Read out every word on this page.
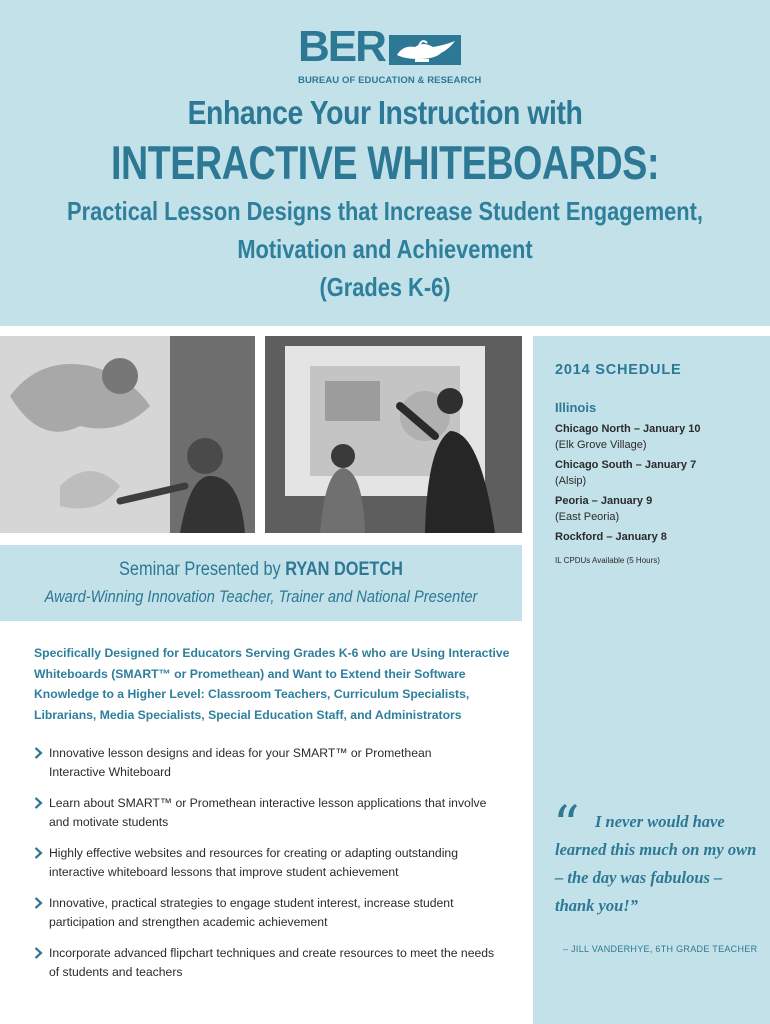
BER
BUREAU OF EDUCATION & RESEARCH
Enhance Your Instruction with
INTERACTIVE WHITEBOARDS:
Practical Lesson Designs that Increase Student Engagement,
Motivation and Achievement
(Grades K-6)
2014 SCHEDULE
Illinois
Chicago North – January 10
(Elk Grove Village)
Chicago South – January 7
(Alsip)
Peoria – January 9
(East Peoria)
Rockford – January 8
IL CPDUs Available (5 Hours)
“ I never would have learned this much on my own – the day was fabulous – thank you!”
– JILL VANDERHYE, 6TH GRADE TEACHER
Seminar Presented by RYAN DOETCH
Award-Winning Innovation Teacher, Trainer and National Presenter
Specifically Designed for Educators Serving Grades K-6 who are Using Interactive Whiteboards (SMART™ or Promethean) and Want to Extend their Software Knowledge to a Higher Level: Classroom Teachers, Curriculum Specialists, Librarians, Media Specialists, Special Education Staff, and Administrators
Innovative lesson designs and ideas for your SMART™ or Promethean
Interactive Whiteboard
Learn about SMART™ or Promethean interactive lesson applications that involve
and motivate students
Highly effective websites and resources for creating or adapting outstanding
interactive whiteboard lessons that improve student achievement
Innovative, practical strategies to engage student interest, increase student
participation and strengthen academic achievement
Incorporate advanced flipchart techniques and create resources to meet the needs
of students and teachers
